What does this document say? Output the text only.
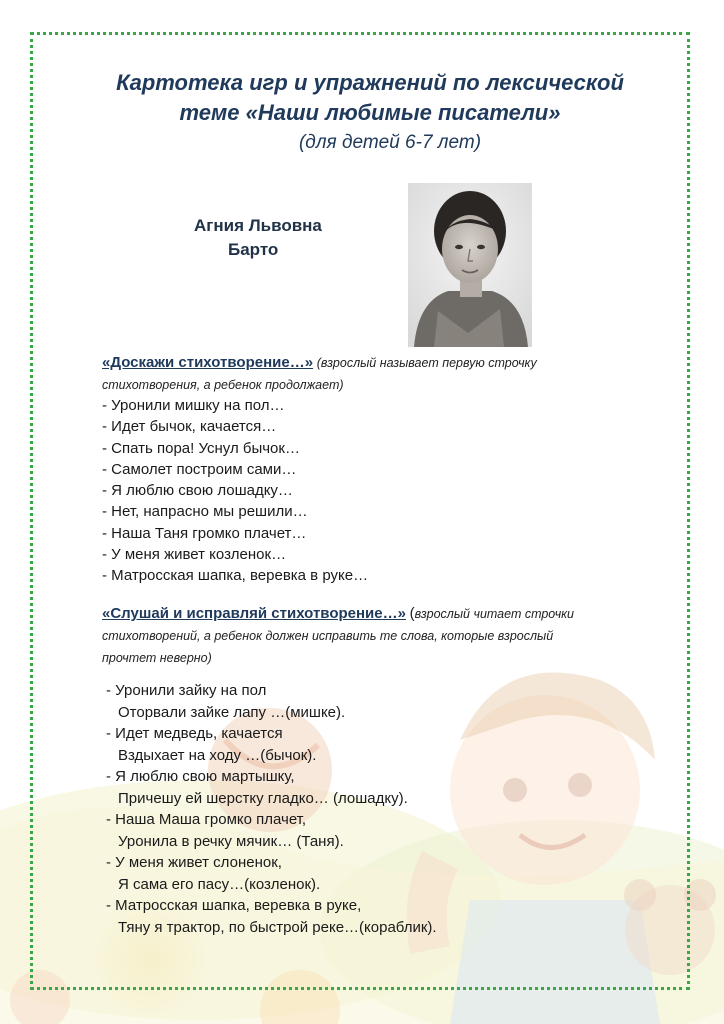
Картотека игр и упражнений по лексической
теме «Наши любимые писатели»
(для детей 6-7 лет)
Агния Львовна
Барто
«Доскажи стихотворение…» (взрослый называет первую строчку
стихотворения, а ребенок продолжает)
- Уронили мишку на пол…
- Идет бычок, качается…
- Спать пора! Уснул бычок…
- Самолет построим сами…
- Я люблю свою лошадку…
- Нет, напрасно мы решили…
- Наша Таня громко плачет…
- У меня живет козленок…
- Матросская шапка, веревка в руке…
«Слушай и исправляй стихотворение…» (взрослый читает строчки
стихотворений, а ребенок должен исправить те слова, которые взрослый
прочтет неверно)
- Уронили зайку на пол
Оторвали зайке лапу …(мишке).
- Идет медведь, качается
Вздыхает на ходу …(бычок).
- Я люблю свою мартышку,
Причешу ей шерстку гладко… (лошадку).
- Наша Маша громко плачет,
Уронила в речку мячик… (Таня).
- У меня живет слоненок,
Я сама его пасу…(козленок).
- Матросская шапка, веревка в руке,
Тяну я трактор, по быстрой реке…(кораблик).
